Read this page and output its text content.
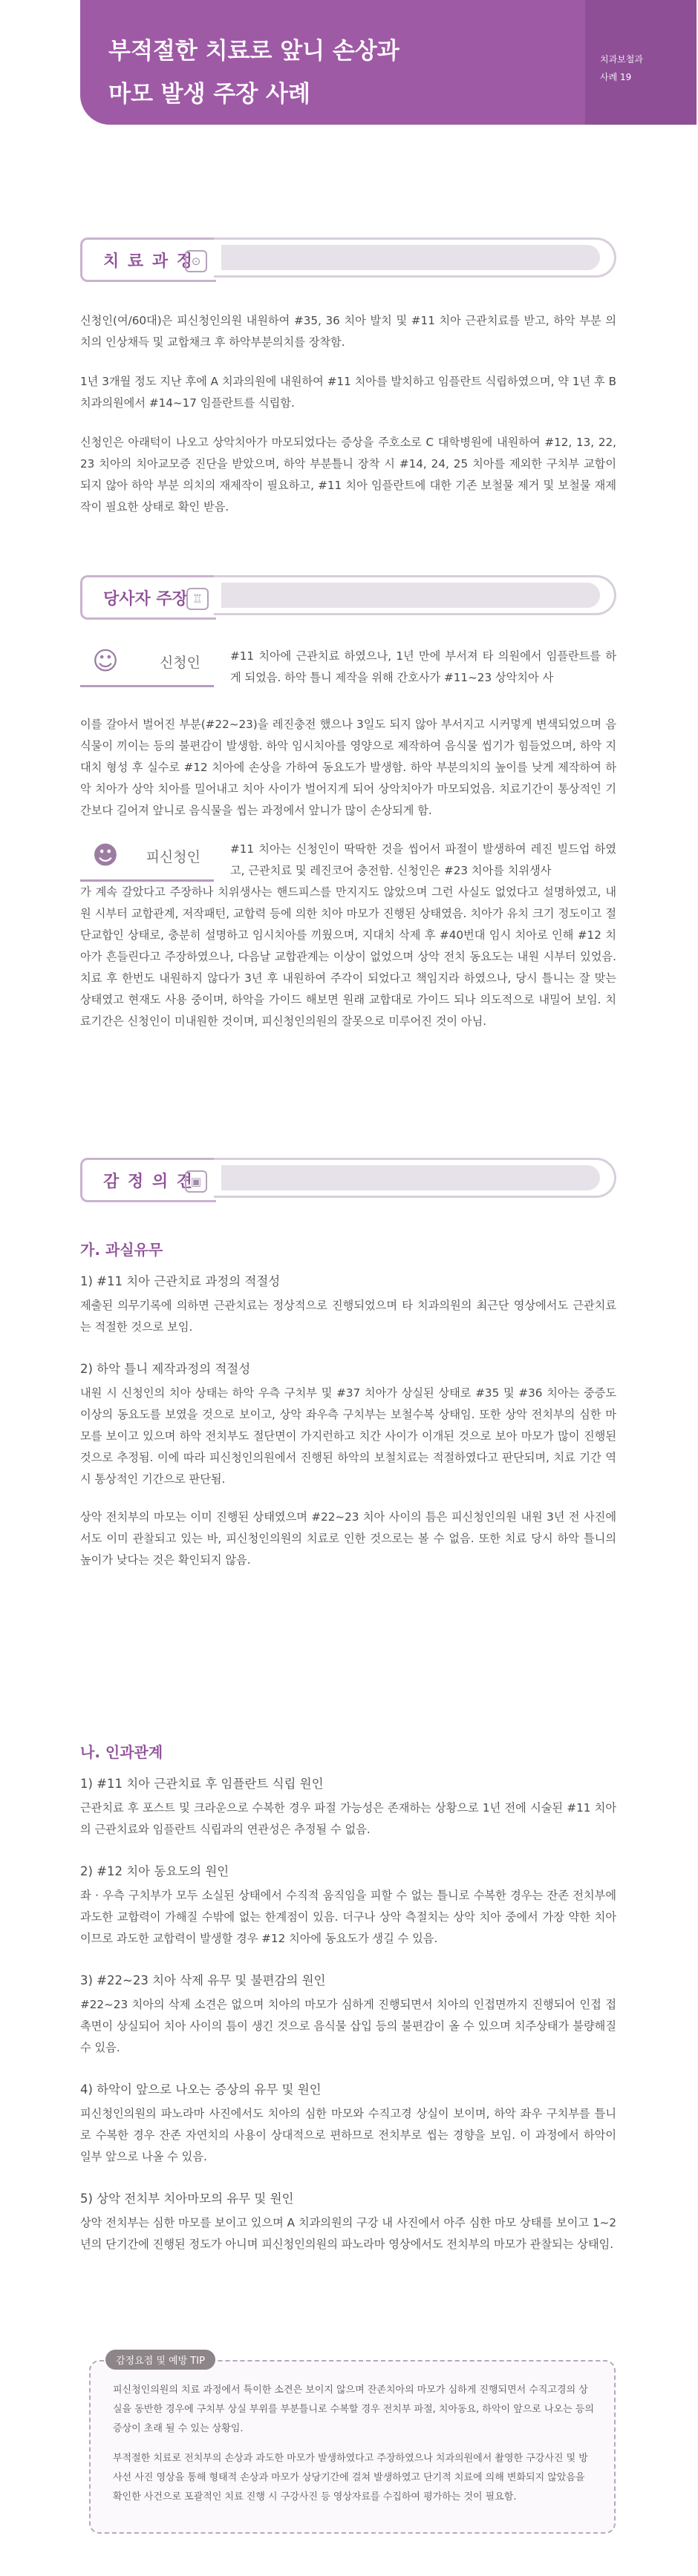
부적절한 치료로 앞니 손상과
마모 발생 주장 사례
치과보철과
사례 19
치 료 과 정
⊙

신청인(여/60대)은 피신청인의원 내원하여 #35, 36 치아 발치 및 #11 치아 근관치료를 받고, 하악 부분 의치의 인상채득 및 교합채크 후 하악부분의치를 장착함.

1년 3개월 정도 지난 후에 A 치과의원에 내원하여 #11 치아를 발치하고 임플란트 식립하였으며, 약 1년 후 B 치과의원에서 #14~17 임플란트를 식립함.

신청인은 아래턱이 나오고 상악치아가 마모되었다는 증상을 주호소로 C 대학병원에 내원하여 #12, 13, 22, 23 치아의 치아교모증 진단을 받았으며, 하악 부분틀니 장착 시 #14, 24, 25 치아를 제외한 구치부 교합이 되지 않아 하악 부분 의치의 재제작이 필요하고, #11 치아 임플란트에 대한 기존 보철물 제거 및 보철물 재제작이 필요한 상태로 확인 받음.

당사자 주장 ♖
☺	신청인	#11 치아에 근관치료 하였으나, 1년 만에 부서져 타 의원에서 임플란트를 하게 되었음. 하악 틀니 제작을 위해 간호사가 #11~23 상악치아 사

이를 갈아서 벌어진 부분(#22~23)을 레진충전 했으나 3일도 되지 않아 부서지고 시커멓게 변색되었으며 음식물이 끼이는 등의 불편감이 발생함. 하악 임시치아를 영양으로 제작하여 음식물 씹기가 힘들었으며, 하악 지대치 형성 후 실수로 #12 치아에 손상을 가하여 동요도가 발생함. 하악 부분의치의 높이를 낮게 제작하여 하악 치아가 상악 치아를 밀어내고 치아 사이가 벌어지게 되어 상악치아가 마모되었음. 치료기간이 통상적인 기간보다 길어져 앞니로 음식물을 씹는 과정에서 앞니가 많이 손상되게 함.

☻ 피신청인	#11 치아는 신청인이 딱딱한 것을 씹어서 파절이 발생하여 레진 빌드업 하였고, 근관치료 및 레진코어 충전함. 신청인은 #23 치아를 치위생사

가 계속 갈았다고 주장하나 치위생사는 핸드피스를 만지지도 않았으며 그런 사실도 없었다고 설명하였고, 내원 시부터 교합관계, 저작패턴, 교합력 등에 의한 치아 마모가 진행된 상태였음. 치아가 유치 크기 정도이고 절단교합인 상태로, 충분히 설명하고 임시치아를 끼웠으며, 지대치 삭제 후 #40번대 임시 치아로 인해 #12 치아가 흔들린다고 주장하였으나, 다음날 교합관계는 이상이 없었으며 상악 전치 동요도는 내원 시부터 있었음. 치료 후 한번도 내원하지 않다가 3년 후 내원하여 주각이 되었다고 책임지라 하였으나, 당시 틀니는 잘 맞는 상태였고 현재도 사용 중이며, 하악을 가이드 해보면 원래 교합대로 가이드 되나 의도적으로 내밀어 보임. 치료기간은 신청인이 미내원한 것이며, 피신청인의원의 잘못으로 미루어진 것이 아님.

감 정 의 견
▣
가. 과실유무
1) #11 치아 근관치료 과정의 적절성

제출된 의무기록에 의하면 근관치료는 정상적으로 진행되었으며 타 치과의원의 최근단 영상에서도 근관치료는 적절한 것으로 보임.

2) 하악 틀니 제작과정의 적절성

내원 시 신청인의 치아 상태는 하악 우측 구치부 및 #37 치아가 상실된 상태로 #35 및 #36 치아는 중증도 이상의 동요도를 보였을 것으로 보이고, 상악 좌우측 구치부는 보철수복 상태임. 또한 상악 전치부의 심한 마모를 보이고 있으며 하악 전치부도 절단면이 가지런하고 치간 사이가 이개된 것으로 보아 마모가 많이 진행된 것으로 추정됨. 이에 따라 피신청인의원에서 진행된 하악의 보철치료는 적절하였다고 판단되며, 치료 기간 역시 통상적인 기간으로 판단됨.

상악 전치부의 마모는 이미 진행된 상태였으며 #22~23 치아 사이의 틈은 피신청인의원 내원 3년 전 사진에서도 이미 관찰되고 있는 바, 피신청인의원의 치료로 인한 것으로는 볼 수 없음. 또한 치료 당시 하악 틀니의 높이가 낮다는 것은 확인되지 않음.

나. 인과관계
1) #11 치아 근관치료 후 임플란트 식립 원인

근관치료 후 포스트 및 크라운으로 수복한 경우 파절 가능성은 존재하는 상황으로 1년 전에 시술된 #11 치아의 근관치료와 임플란트 식립과의 연관성은 추정될 수 없음.

2) #12 치아 동요도의 원인

좌 · 우측 구치부가 모두 소실된 상태에서 수직적 움직임을 피할 수 없는 틀니로 수복한 경우는 잔존 전치부에 과도한 교합력이 가해질 수밖에 없는 한계점이 있음. 더구나 상악 측절치는 상악 치아 중에서 가장 약한 치아이므로 과도한 교합력이 발생할 경우 #12 치아에 동요도가 생길 수 있음.

3) #22~23 치아 삭제 유무 및 불편감의 원인

#22~23 치아의 삭제 소견은 없으며 치아의 마모가 심하게 진행되면서 치아의 인접면까지 진행되어 인접 접촉면이 상실되어 치아 사이의 틈이 생긴 것으로 음식물 삽입 등의 불편감이 올 수 있으며 치주상태가 불량해질 수 있음.

4) 하악이 앞으로 나오는 증상의 유무 및 원인

피신청인의원의 파노라마 사진에서도 치아의 심한 마모와 수직고경 상실이 보이며, 하악 좌우 구치부를 틀니로 수복한 경우 잔존 자연치의 사용이 상대적으로 편하므로 전치부로 씹는 경향을 보임. 이 과정에서 하악이 일부 앞으로 나올 수 있음.

5) 상악 전치부 치아마모의 유무 및 원인

상악 전치부는 심한 마모를 보이고 있으며 A 치과의원의 구강 내 사진에서 아주 심한 마모 상태를 보이고 1~2년의 단기간에 진행된 정도가 아니며 피신청인의원의 파노라마 영상에서도 전치부의 마모가 관찰되는 상태임.

감정요점 및 예방 TIP

피신청인의원의 치료 과정에서 특이한 소견은 보이지 않으며 잔존치아의 마모가 심하게 진행되면서 수직고경의 상실을 동반한 경우에 구치부 상실 부위를 부분틀니로 수복할 경우 전치부 파절, 치아동요, 하악이 앞으로 나오는 등의 증상이 초래 될 수 있는 상황임.

부적절한 치료로 전치부의 손상과 과도한 마모가 발생하였다고 주장하였으나 치과의원에서 촬영한 구강사진 및 방사선 사진 영상을 통해 형태적 손상과 마모가 상당기간에 걸쳐 발생하였고 단기적 치료에 의해 변화되지 않았음을 확인한 사건으로 포괄적인 치료 진행 시 구강사진 등 영상자료를 수집하여 평가하는 것이 필요함.
